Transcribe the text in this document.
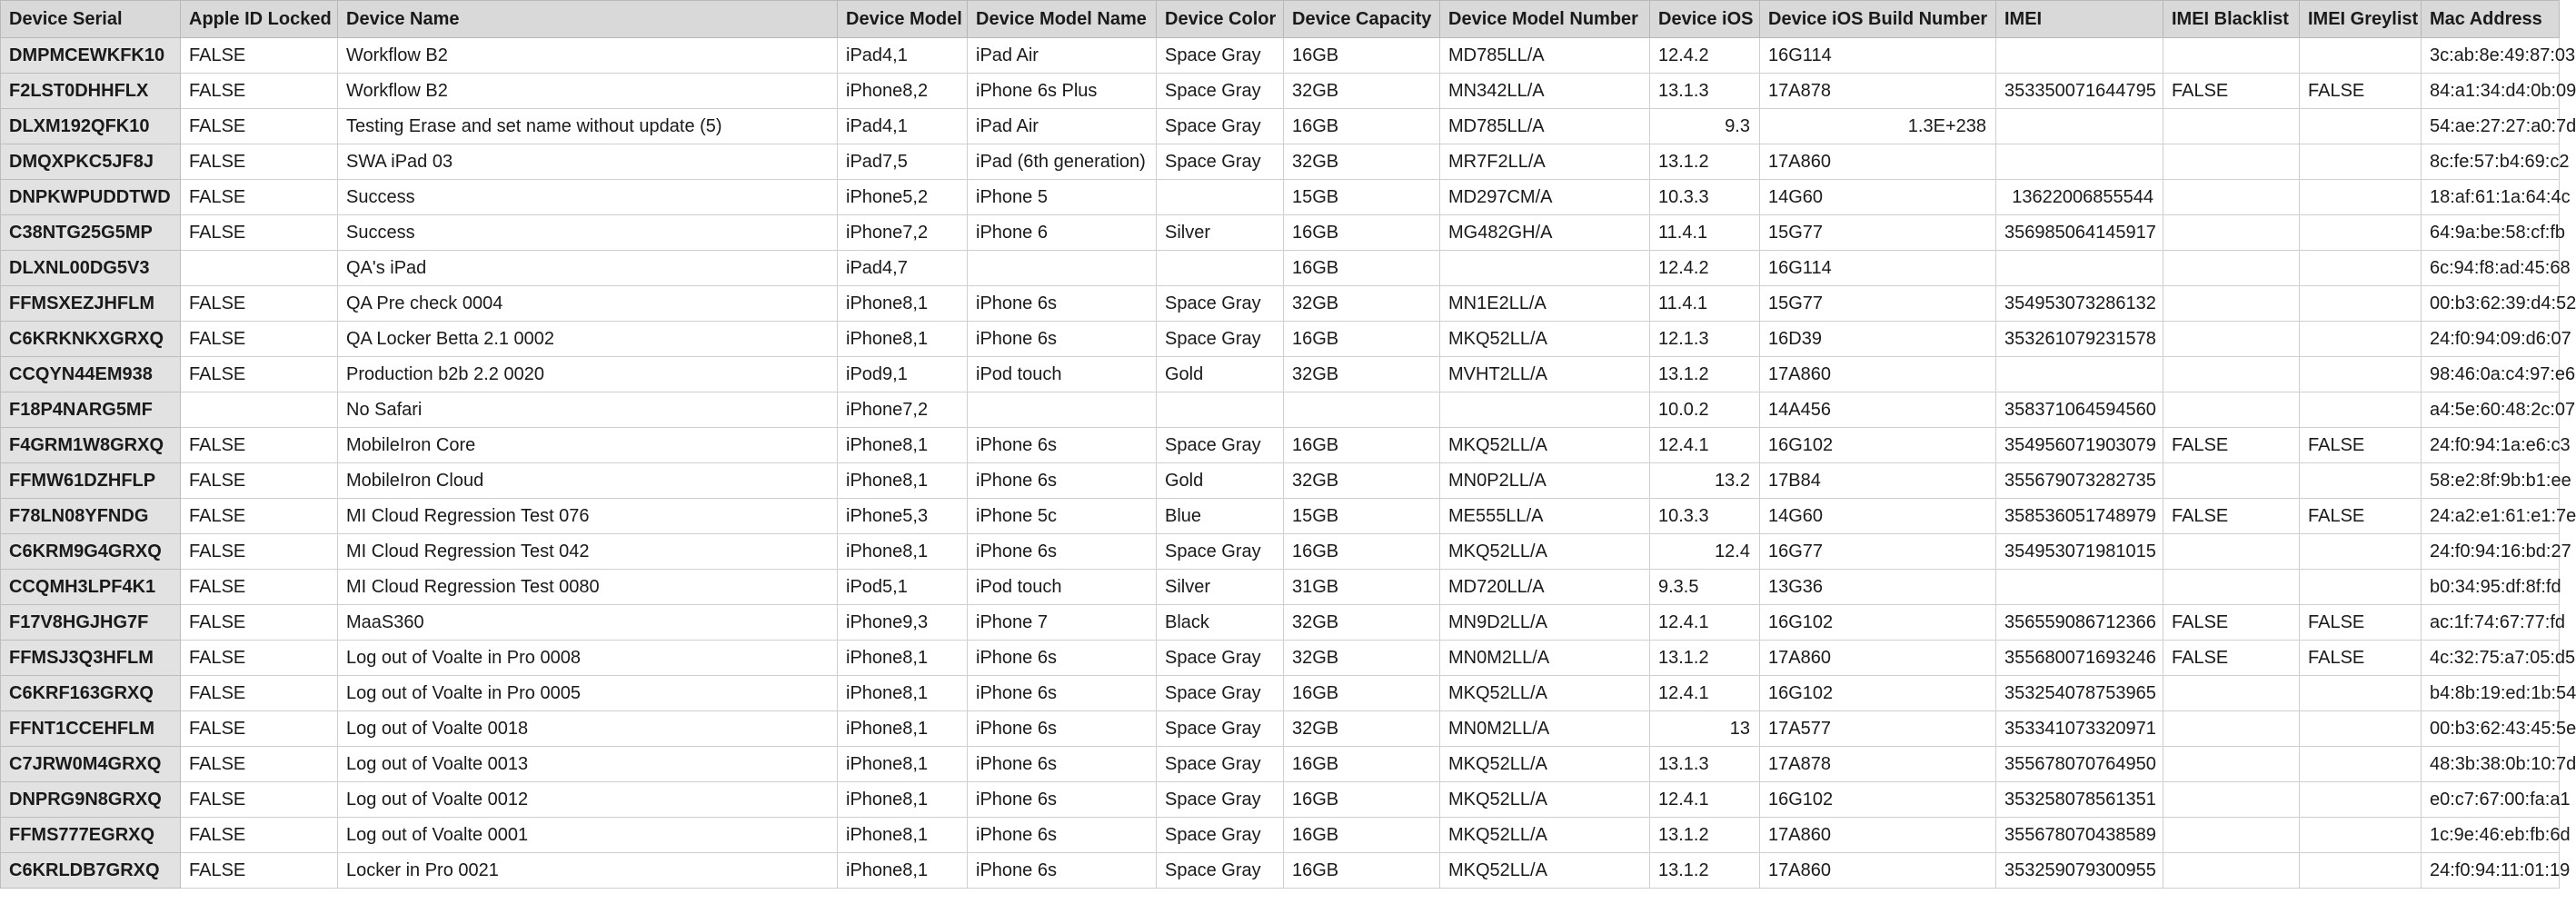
Device Serial	Apple ID Locked	Device Name	Device Model	Device Model Name	Device Color	Device Capacity	Device Model Number	Device iOS	Device iOS Build Number	IMEI	IMEI Blacklist	IMEI Greylist	Mac Address
DMPMCEWKFK10	FALSE	Workflow B2	iPad4,1	iPad Air	Space Gray	16GB	MD785LL/A	12.4.2	16G114				3c:ab:8e:49:87:03
F2LST0DHHFLX	FALSE	Workflow B2	iPhone8,2	iPhone 6s Plus	Space Gray	32GB	MN342LL/A	13.1.3	17A878	353350071644795	FALSE	FALSE	84:a1:34:d4:0b:09
DLXM192QFK10	FALSE	Testing Erase and set name without update (5)	iPad4,1	iPad Air	Space Gray	16GB	MD785LL/A	9.3	1.3E+238				54:ae:27:27:a0:7d
DMQXPKC5JF8J	FALSE	SWA iPad 03	iPad7,5	iPad (6th generation)	Space Gray	32GB	MR7F2LL/A	13.1.2	17A860				8c:fe:57:b4:69:c2
DNPKWPUDDTWD	FALSE	Success	iPhone5,2	iPhone 5		15GB	MD297CM/A	10.3.3	14G60	13622006855544			18:af:61:1a:64:4c
C38NTG25G5MP	FALSE	Success	iPhone7,2	iPhone 6	Silver	16GB	MG482GH/A	11.4.1	15G77	356985064145917			64:9a:be:58:cf:fb
DLXNL00DG5V3		QA's iPad	iPad4,7			16GB		12.4.2	16G114				6c:94:f8:ad:45:68
FFMSXEZJHFLM	FALSE	QA Pre check 0004	iPhone8,1	iPhone 6s	Space Gray	32GB	MN1E2LL/A	11.4.1	15G77	354953073286132			00:b3:62:39:d4:52
C6KRKNKXGRXQ	FALSE	QA Locker Betta 2.1 0002	iPhone8,1	iPhone 6s	Space Gray	16GB	MKQ52LL/A	12.1.3	16D39	353261079231578			24:f0:94:09:d6:07
CCQYN44EM938	FALSE	Production b2b 2.2 0020	iPod9,1	iPod touch	Gold	32GB	MVHT2LL/A	13.1.2	17A860				98:46:0a:c4:97:e6
F18P4NARG5MF		No Safari	iPhone7,2					10.0.2	14A456	358371064594560			a4:5e:60:48:2c:07
F4GRM1W8GRXQ	FALSE	MobileIron Core	iPhone8,1	iPhone 6s	Space Gray	16GB	MKQ52LL/A	12.4.1	16G102	354956071903079	FALSE	FALSE	24:f0:94:1a:e6:c3
FFMW61DZHFLP	FALSE	MobileIron Cloud	iPhone8,1	iPhone 6s	Gold	32GB	MN0P2LL/A	13.2	17B84	355679073282735			58:e2:8f:9b:b1:ee
F78LN08YFNDG	FALSE	MI Cloud Regression Test 076	iPhone5,3	iPhone 5c	Blue	15GB	ME555LL/A	10.3.3	14G60	358536051748979	FALSE	FALSE	24:a2:e1:61:e1:7e
C6KRM9G4GRXQ	FALSE	MI Cloud Regression Test 042	iPhone8,1	iPhone 6s	Space Gray	16GB	MKQ52LL/A	12.4	16G77	354953071981015			24:f0:94:16:bd:27
CCQMH3LPF4K1	FALSE	MI Cloud Regression Test 0080	iPod5,1	iPod touch	Silver	31GB	MD720LL/A	9.3.5	13G36				b0:34:95:df:8f:fd
F17V8HGJHG7F	FALSE	MaaS360	iPhone9,3	iPhone 7	Black	32GB	MN9D2LL/A	12.4.1	16G102	356559086712366	FALSE	FALSE	ac:1f:74:67:77:fd
FFMSJ3Q3HFLM	FALSE	Log out of Voalte in Pro 0008	iPhone8,1	iPhone 6s	Space Gray	32GB	MN0M2LL/A	13.1.2	17A860	355680071693246	FALSE	FALSE	4c:32:75:a7:05:d5
C6KRF163GRXQ	FALSE	Log out of Voalte in Pro 0005	iPhone8,1	iPhone 6s	Space Gray	16GB	MKQ52LL/A	12.4.1	16G102	353254078753965			b4:8b:19:ed:1b:54
FFNT1CCEHFLM	FALSE	Log out of Voalte 0018	iPhone8,1	iPhone 6s	Space Gray	32GB	MN0M2LL/A	13	17A577	353341073320971			00:b3:62:43:45:5e
C7JRW0M4GRXQ	FALSE	Log out of Voalte 0013	iPhone8,1	iPhone 6s	Space Gray	16GB	MKQ52LL/A	13.1.3	17A878	355678070764950			48:3b:38:0b:10:7d
DNPRG9N8GRXQ	FALSE	Log out of Voalte 0012	iPhone8,1	iPhone 6s	Space Gray	16GB	MKQ52LL/A	12.4.1	16G102	353258078561351			e0:c7:67:00:fa:a1
FFMS777EGRXQ	FALSE	Log out of Voalte 0001	iPhone8,1	iPhone 6s	Space Gray	16GB	MKQ52LL/A	13.1.2	17A860	355678070438589			1c:9e:46:eb:fb:6d
C6KRLDB7GRXQ	FALSE	Locker in Pro 0021	iPhone8,1	iPhone 6s	Space Gray	16GB	MKQ52LL/A	13.1.2	17A860	353259079300955			24:f0:94:11:01:19
